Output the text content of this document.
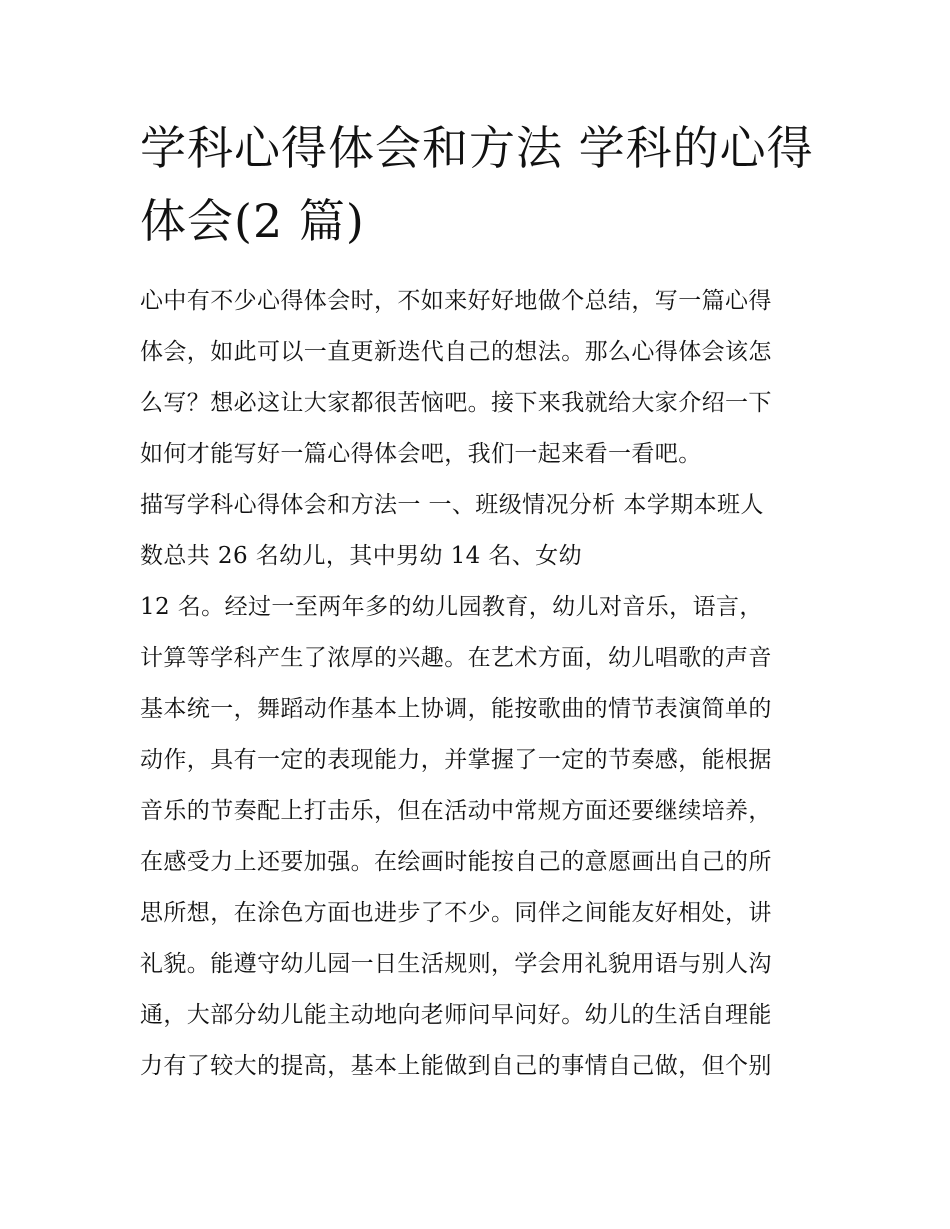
学科心得体会和方法 学科的心得体会(2 篇)
心中有不少心得体会时，不如来好好地做个总结，写一篇心得
体会，如此可以一直更新迭代自己的想法。那么心得体会该怎
么写？想必这让大家都很苦恼吧。接下来我就给大家介绍一下
如何才能写好一篇心得体会吧，我们一起来看一看吧。
描写学科心得体会和方法一 一、班级情况分析 本学期本班人
数总共 26 名幼儿，其中男幼 14 名、女幼
12 名。经过一至两年多的幼儿园教育，幼儿对音乐，语言，
计算等学科产生了浓厚的兴趣。在艺术方面，幼儿唱歌的声音
基本统一，舞蹈动作基本上协调，能按歌曲的情节表演简单的
动作，具有一定的表现能力，并掌握了一定的节奏感，能根据
音乐的节奏配上打击乐，但在活动中常规方面还要继续培养，
在感受力上还要加强。在绘画时能按自己的意愿画出自己的所
思所想，在涂色方面也进步了不少。同伴之间能友好相处，讲
礼貌。能遵守幼儿园一日生活规则，学会用礼貌用语与别人沟
通，大部分幼儿能主动地向老师问早问好。幼儿的生活自理能
力有了较大的提高，基本上能做到自己的事情自己做，但个别
